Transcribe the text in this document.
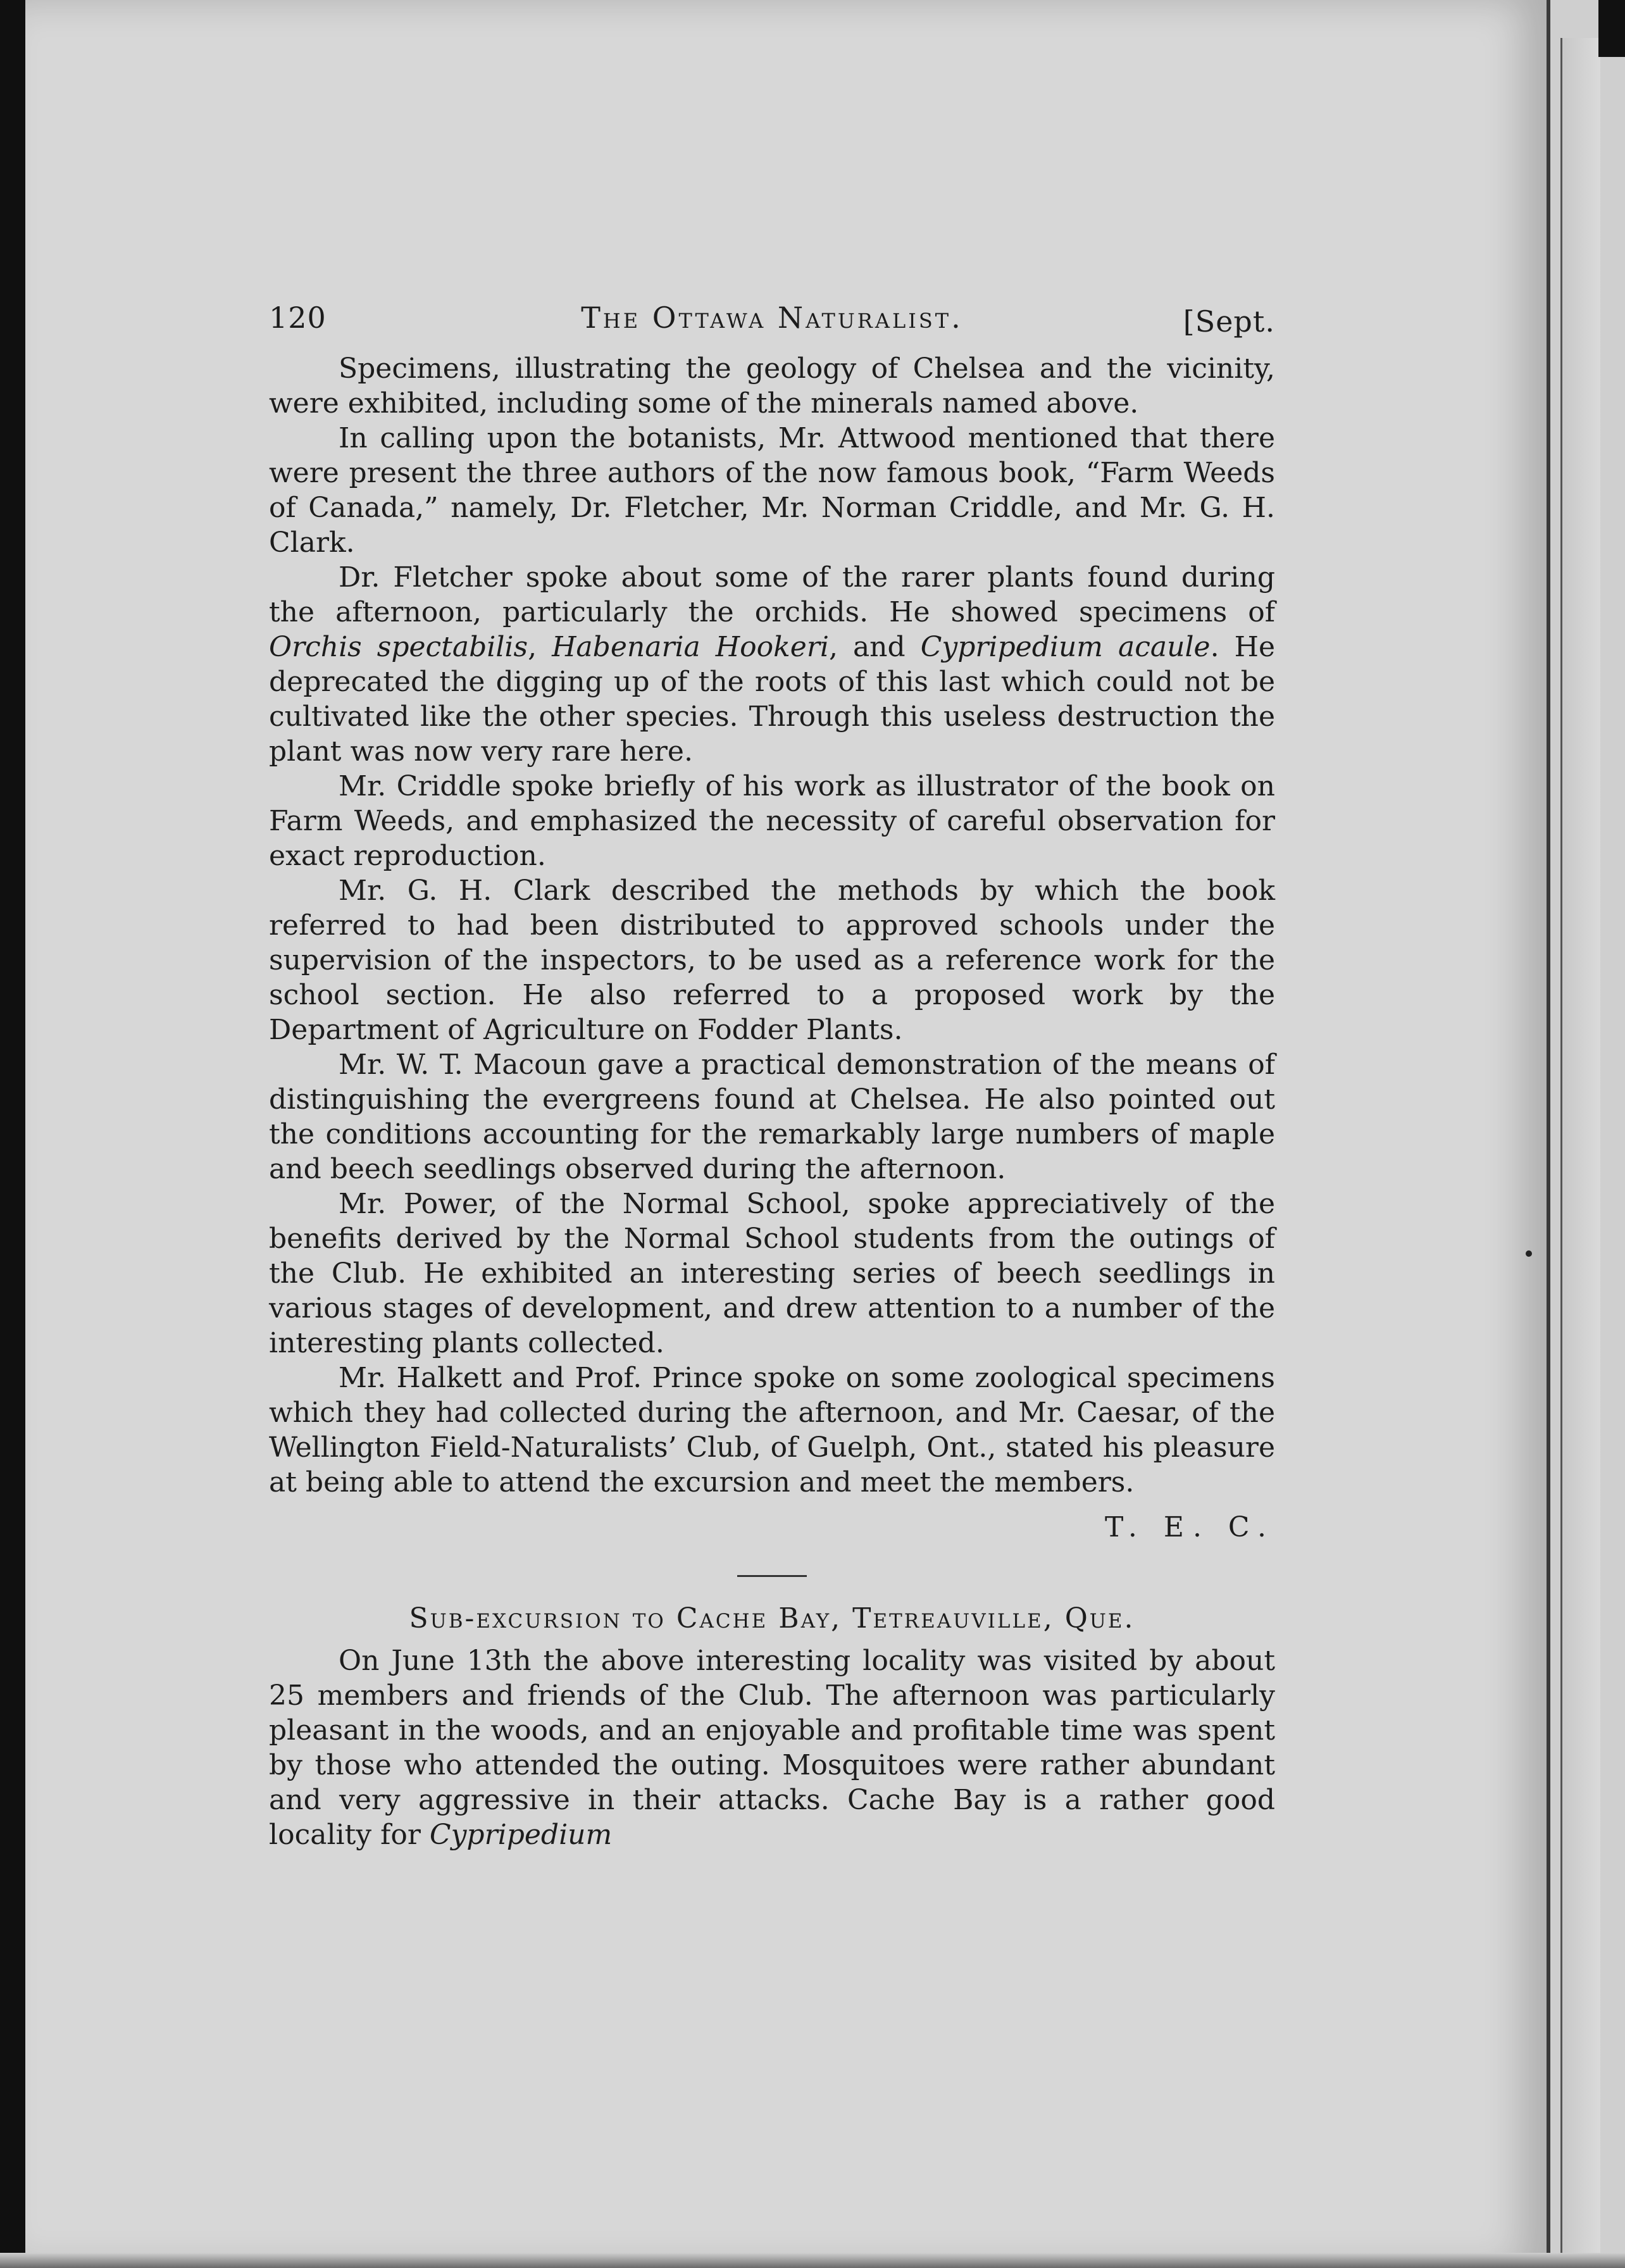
120	The Ottawa Naturalist.	[Sept.

Specimens, illustrating the geology of Chelsea and the vicinity, were exhibited, including some of the minerals named above.

In calling upon the botanists, Mr. Attwood mentioned that there were present the three authors of the now famous book, “Farm Weeds of Canada,” namely, Dr. Fletcher, Mr. Norman Criddle, and Mr. G. H. Clark.

Dr. Fletcher spoke about some of the rarer plants found during the afternoon, particularly the orchids. He showed specimens of Orchis spectabilis, Habenaria Hookeri, and Cypripedium acaule. He deprecated the digging up of the roots of this last which could not be cultivated like the other species. Through this useless destruction the plant was now very rare here.

Mr. Criddle spoke briefly of his work as illustrator of the book on Farm Weeds, and emphasized the necessity of careful observation for exact reproduction.

Mr. G. H. Clark described the methods by which the book referred to had been distributed to approved schools under the supervision of the inspectors, to be used as a reference work for the school section. He also referred to a proposed work by the Department of Agriculture on Fodder Plants.

Mr. W. T. Macoun gave a practical demonstration of the means of distinguishing the evergreens found at Chelsea. He also pointed out the conditions accounting for the remarkably large numbers of maple and beech seedlings observed during the afternoon.

Mr. Power, of the Normal School, spoke appreciatively of the benefits derived by the Normal School students from the outings of the Club. He exhibited an interesting series of beech seedlings in various stages of development, and drew attention to a number of the interesting plants collected.

Mr. Halkett and Prof. Prince spoke on some zoological specimens which they had collected during the afternoon, and Mr. Caesar, of the Wellington Field-Naturalists’ Club, of Guelph, Ont., stated his pleasure at being able to attend the excursion and meet the members.

T. E. C.
Sub-excursion to Cache Bay, Tetreauville, Que.

On June 13th the above interesting locality was visited by about 25 members and friends of the Club. The afternoon was particularly pleasant in the woods, and an enjoyable and profitable time was spent by those who attended the outing. Mosquitoes were rather abundant and very aggressive in their attacks. Cache Bay is a rather good locality for Cypripedium
